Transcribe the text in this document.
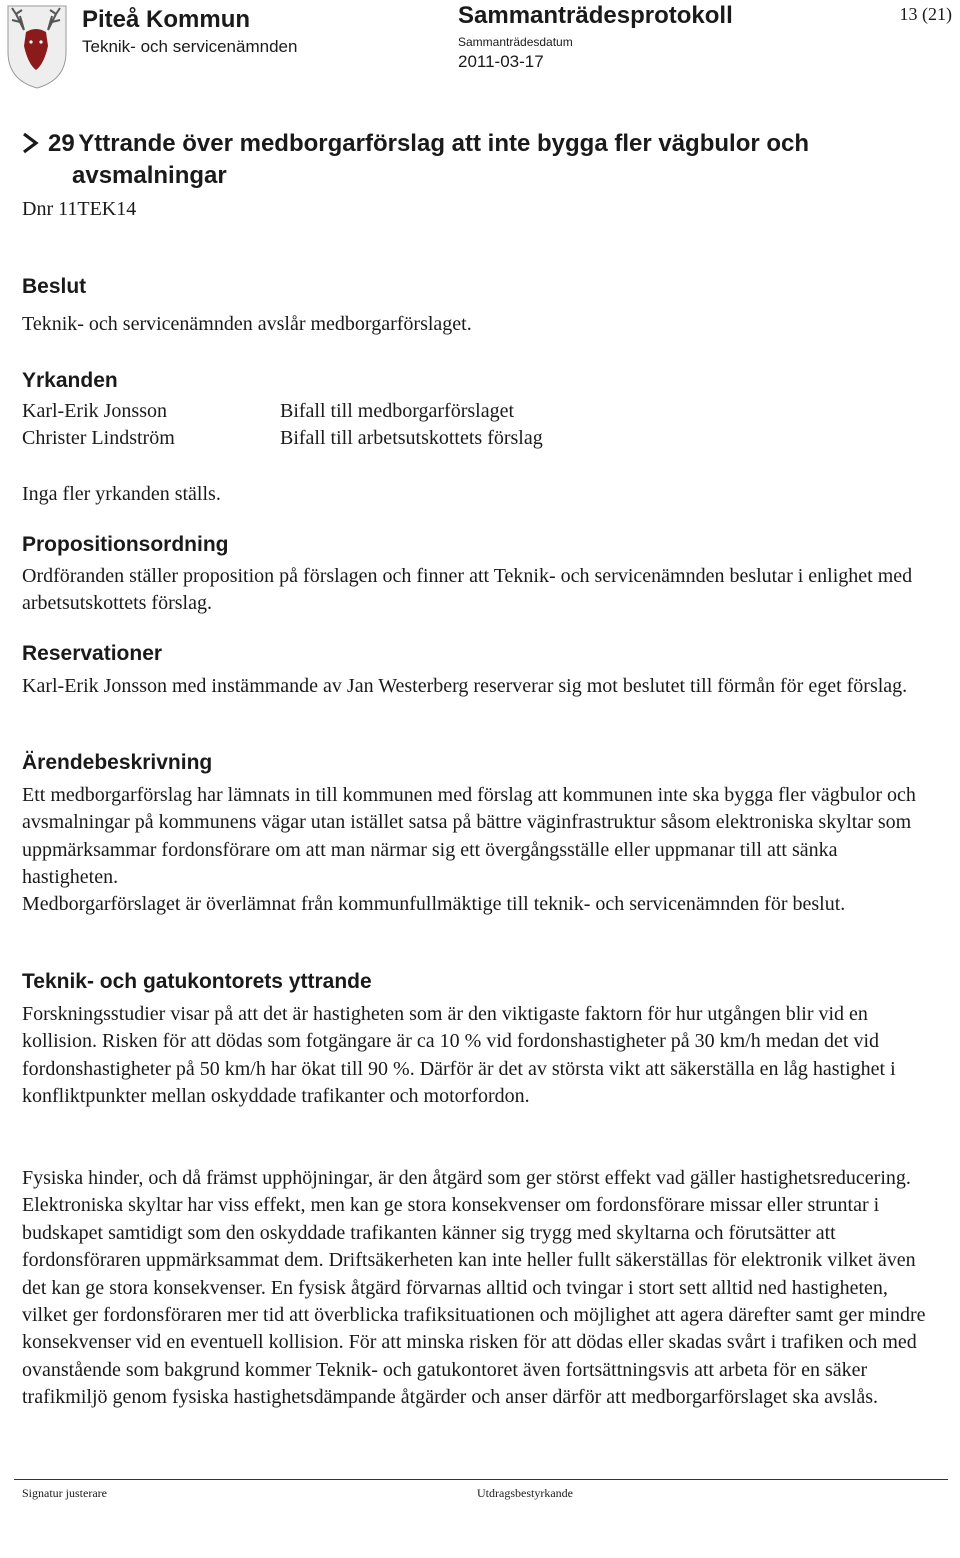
Piteå Kommun
Teknik- och servicenämnden
Sammanträdesprotokoll
Sammanträdesdatum
2011-03-17
13 (21)
29 Yttrande över medborgarförslag att inte bygga fler vägbulor och
avsmalningar
Dnr 11TEK14
Beslut
Teknik- och servicenämnden avslår medborgarförslaget.
Yrkanden
Karl-Erik Jonsson	Bifall till medborgarförslaget
Christer Lindström	Bifall till arbetsutskottets förslag
Inga fler yrkanden ställs.
Propositionsordning
Ordföranden ställer proposition på förslagen och finner att Teknik- och servicenämnden beslutar i enlighet med arbetsutskottets förslag.
Reservationer
Karl-Erik Jonsson med instämmande av Jan Westerberg reserverar sig mot beslutet till förmån för eget förslag.
Ärendebeskrivning
Ett medborgarförslag har lämnats in till kommunen med förslag att kommunen inte ska bygga fler vägbulor och avsmalningar på kommunens vägar utan istället satsa på bättre väginfrastruktur såsom elektroniska skyltar som uppmärksammar fordonsförare om att man närmar sig ett övergångsställe eller uppmanar till att sänka hastigheten.
Medborgarförslaget är överlämnat från kommunfullmäktige till teknik- och servicenämnden för beslut.
Teknik- och gatukontorets yttrande
Forskningsstudier visar på att det är hastigheten som är den viktigaste faktorn för hur utgången blir vid en kollision. Risken för att dödas som fotgängare är ca 10 % vid fordonshastigheter på 30 km/h medan det vid fordonshastigheter på 50 km/h har ökat till 90 %. Därför är det av största vikt att säkerställa en låg hastighet i konfliktpunkter mellan oskyddade trafikanter och motorfordon.
Fysiska hinder, och då främst upphöjningar, är den åtgärd som ger störst effekt vad gäller hastighetsreducering. Elektroniska skyltar har viss effekt, men kan ge stora konsekvenser om fordonsförare missar eller struntar i budskapet samtidigt som den oskyddade trafikanten känner sig trygg med skyltarna och förutsätter att fordonsföraren uppmärksammat dem. Driftsäkerheten kan inte heller fullt säkerställas för elektronik vilket även det kan ge stora konsekvenser. En fysisk åtgärd förvarnas alltid och tvingar i stort sett alltid ned hastigheten, vilket ger fordonsföraren mer tid att överblicka trafiksituationen och möjlighet att agera därefter samt ger mindre konsekvenser vid en eventuell kollision. För att minska risken för att dödas eller skadas svårt i trafiken och med ovanstående som bakgrund kommer Teknik- och gatukontoret även fortsättningsvis att arbeta för en säker trafikmiljö genom fysiska hastighetsdämpande åtgärder och anser därför att medborgarförslaget ska avslås.
Signatur justerare	Utdragsbestyrkande
